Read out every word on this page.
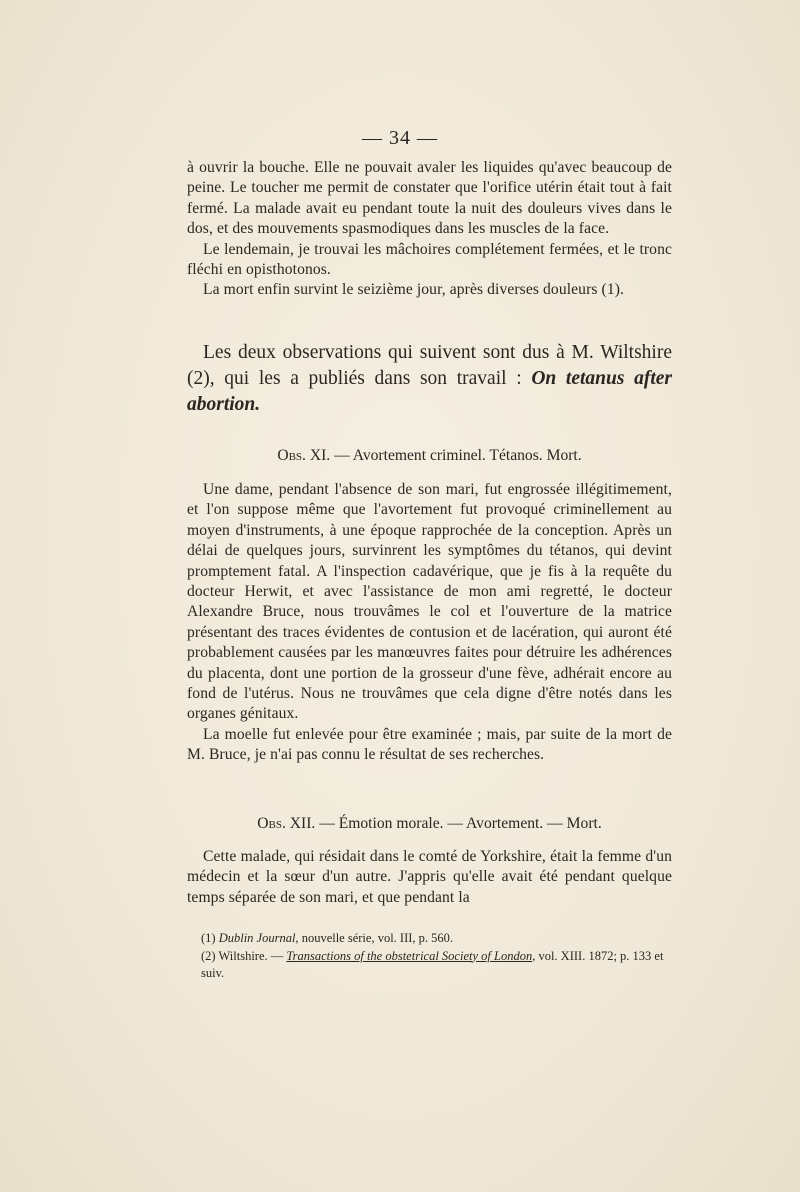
— 34 —

à ouvrir la bouche. Elle ne pouvait avaler les liquides qu'avec beaucoup de peine. Le toucher me permit de constater que l'orifice utérin était tout à fait fermé. La malade avait eu pendant toute la nuit des douleurs vives dans le dos, et des mouvements spasmodiques dans les muscles de la face.

Le lendemain, je trouvai les mâchoires complétement fermées, et le tronc fléchi en opisthotonos.

La mort enfin survint le seizième jour, après diverses douleurs (1).

Les deux observations qui suivent sont dus à M. Wiltshire (2), qui les a publiés dans son travail : On tetanus after abortion.

Obs. XI. — Avortement criminel. Tétanos. Mort.

Une dame, pendant l'absence de son mari, fut engrossée illégitimement, et l'on suppose même que l'avortement fut provoqué criminellement au moyen d'instruments, à une époque rapprochée de la conception. Après un délai de quelques jours, survinrent les symptômes du tétanos, qui devint promptement fatal. A l'inspection cadavérique, que je fis à la requête du docteur Herwit, et avec l'assistance de mon ami regretté, le docteur Alexandre Bruce, nous trouvâmes le col et l'ouverture de la matrice présentant des traces évidentes de contusion et de lacération, qui auront été probablement causées par les manœuvres faites pour détruire les adhérences du placenta, dont une portion de la grosseur d'une fève, adhérait encore au fond de l'utérus. Nous ne trouvâmes que cela digne d'être notés dans les organes génitaux.

La moelle fut enlevée pour être examinée ; mais, par suite de la mort de M. Bruce, je n'ai pas connu le résultat de ses recherches.

Obs. XII. — Émotion morale. — Avortement. — Mort.

Cette malade, qui résidait dans le comté de Yorkshire, était la femme d'un médecin et la sœur d'un autre. J'appris qu'elle avait été pendant quelque temps séparée de son mari, et que pendant la

(1) Dublin Journal, nouvelle série, vol. III, p. 560.

(2) Wiltshire. — Transactions of the obstetrical Society of London, vol. XIII. 1872; p. 133 et suiv.
